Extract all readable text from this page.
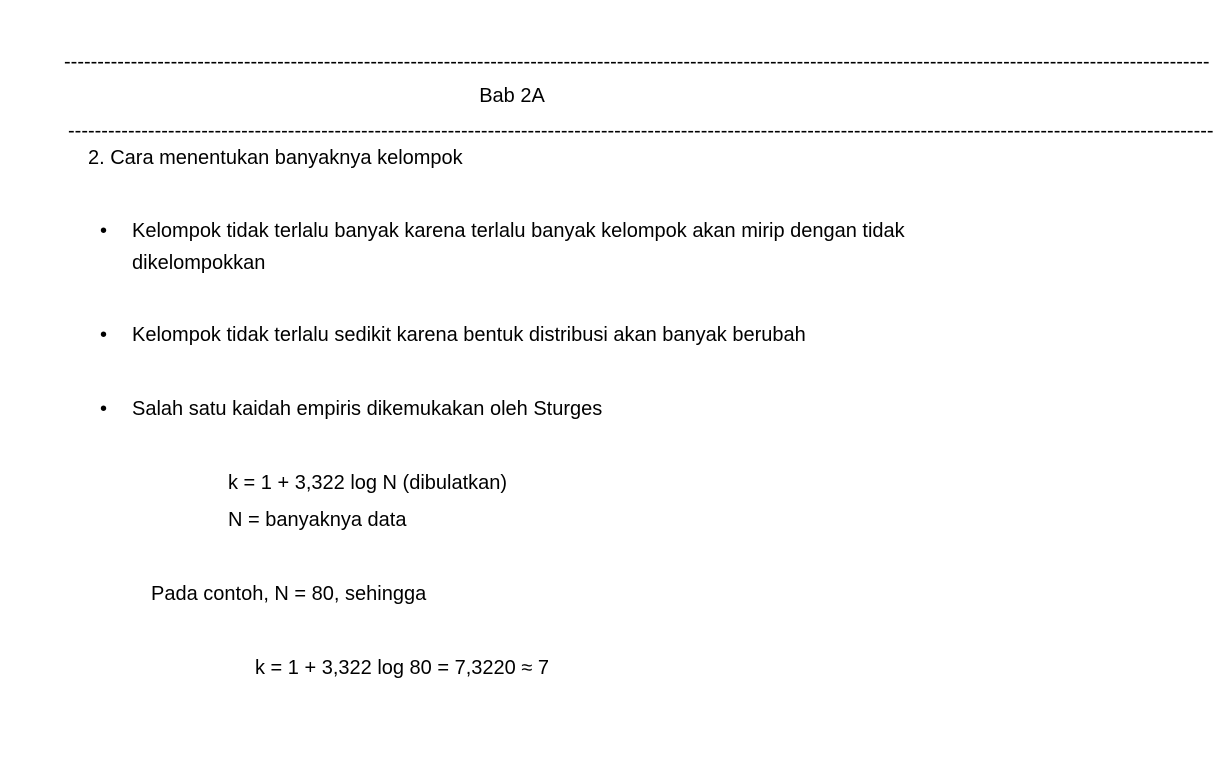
----------------------------------------------------------------------------------------------------------------------------------------------------------------------------
Bab 2A
----------------------------------------------------------------------------------------------------------------------------------------------------------------------------
2. Cara menentukan banyaknya kelompok
• Kelompok tidak terlalu banyak karena terlalu banyak kelompok akan mirip dengan tidak dikelompokkan
• Kelompok tidak terlalu sedikit karena bentuk distribusi akan banyak berubah
• Salah satu kaidah empiris dikemukakan oleh Sturges
k = 1 + 3,322 log N (dibulatkan)
N = banyaknya data
Pada contoh, N = 80, sehingga
k = 1 + 3,322 log 80 = 7,3220 ≈ 7
